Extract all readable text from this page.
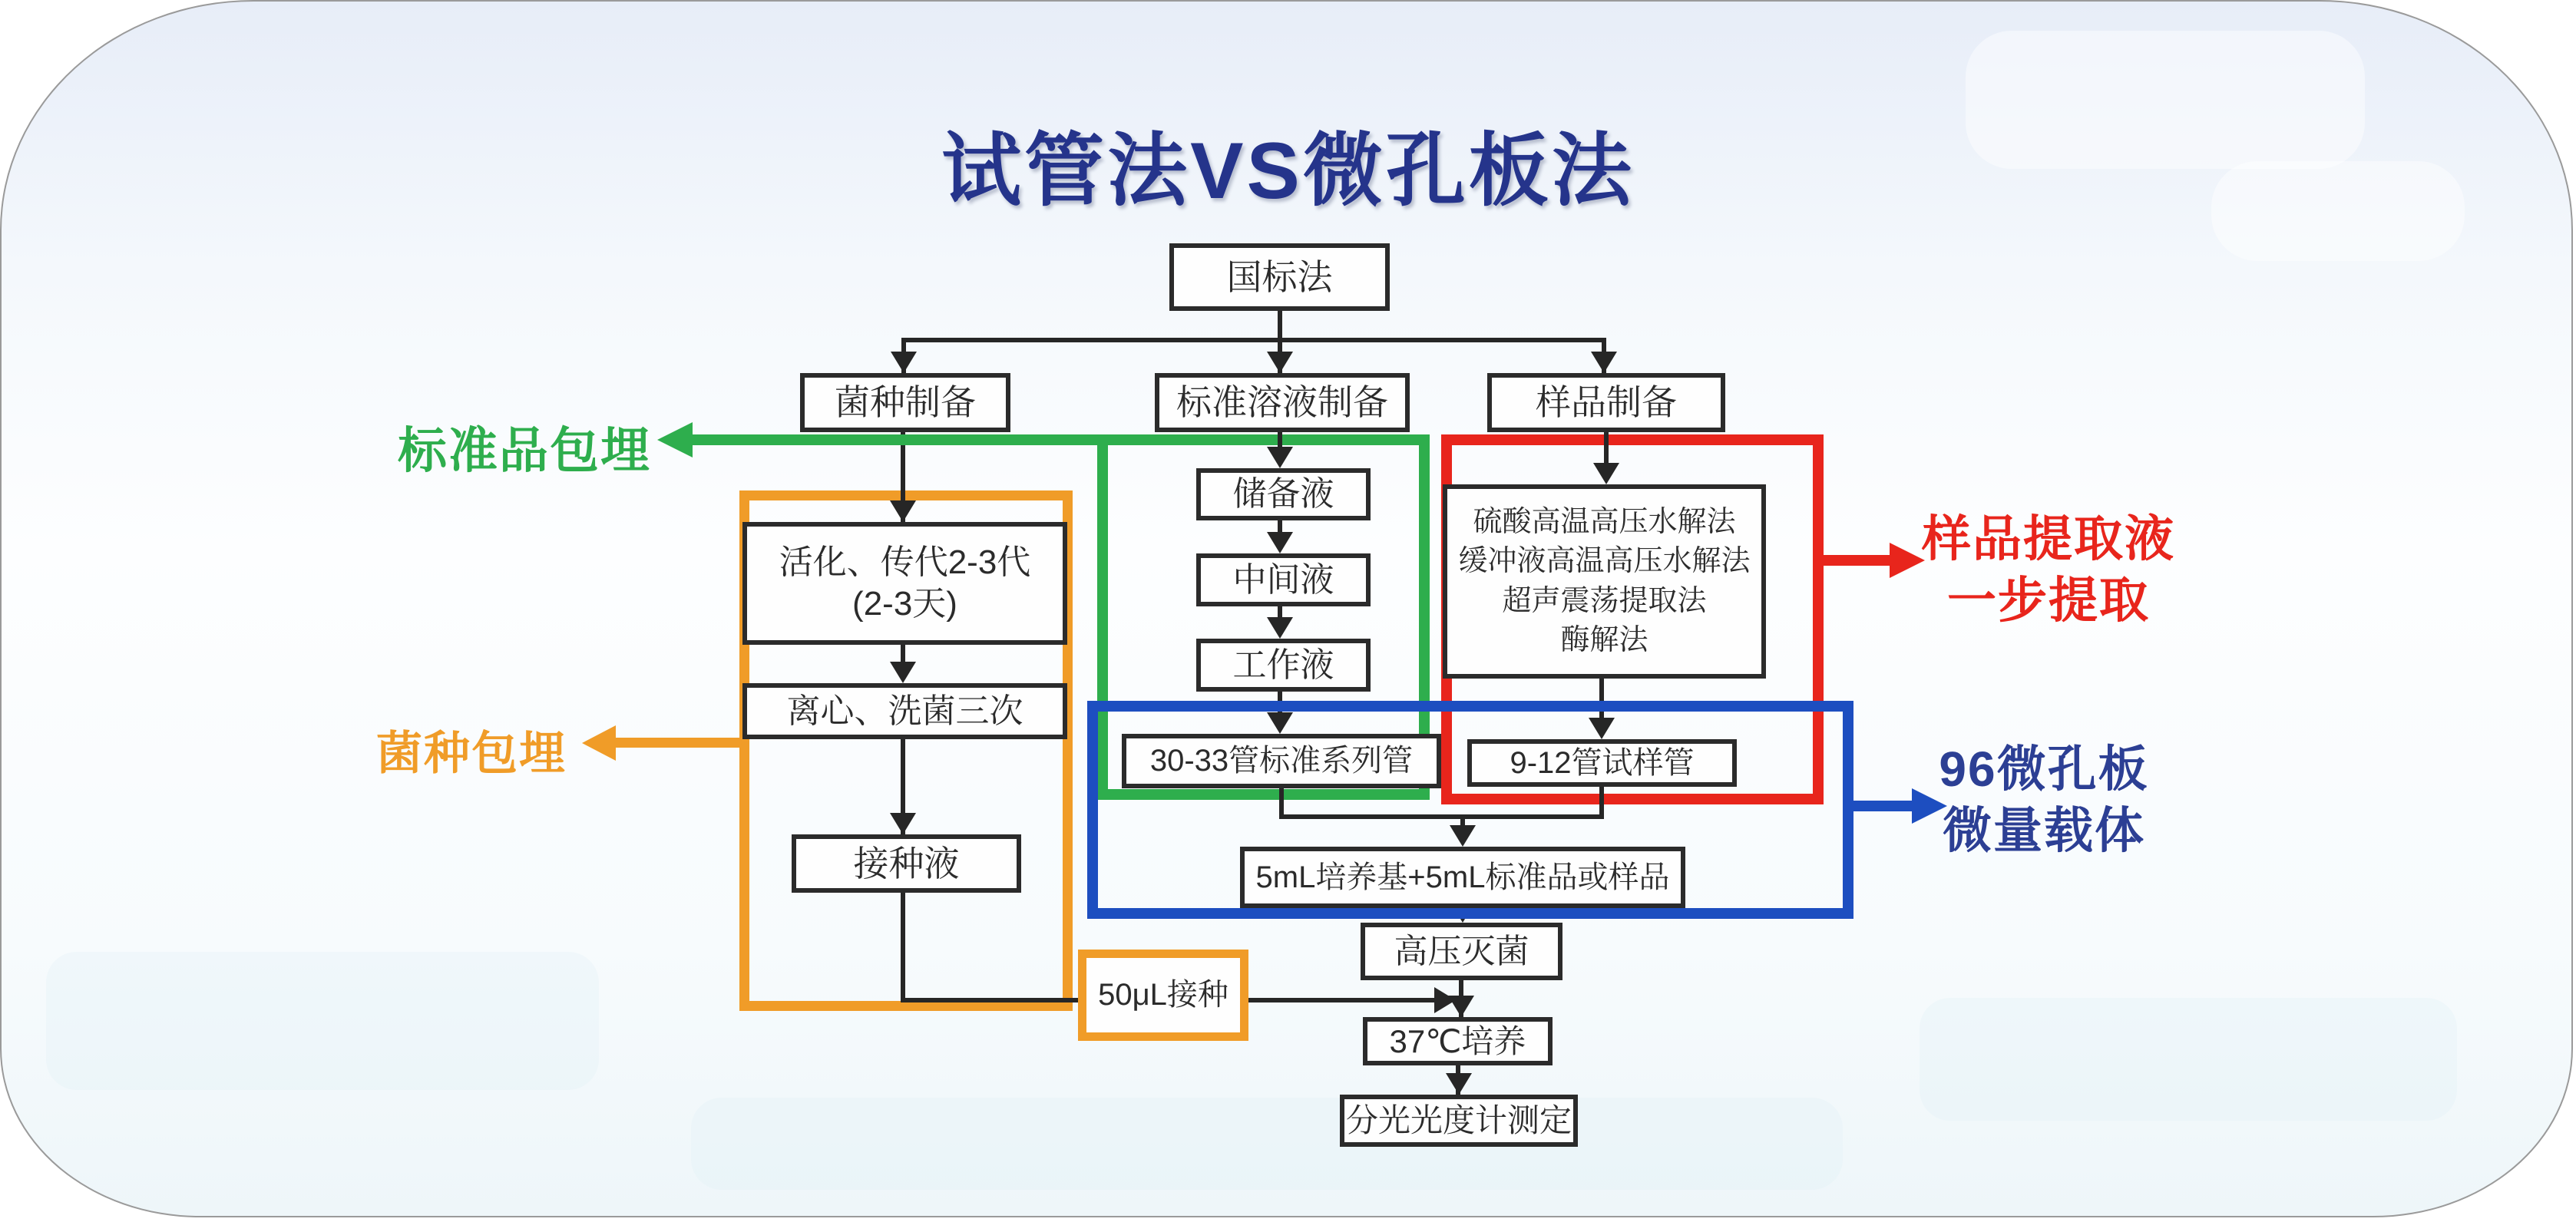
试管法VS微孔板法
国标法
菌种制备	标准溶液制备	样品制备
活化、传代2-3代
(2-3天)
离心、洗菌三次
接种液
储备液
中间液
工作液
硫酸高温高压水解法
缓冲液高温高压水解法
超声震荡提取法
酶解法
30-33管标准系列管	9-12管试样管
5mL培养基+5mL标准品或样品
高压灭菌
37℃培养
分光光度计测定
50μL接种
标准品包埋
菌种包埋
样品提取液
一步提取
96微孔板
微量载体
